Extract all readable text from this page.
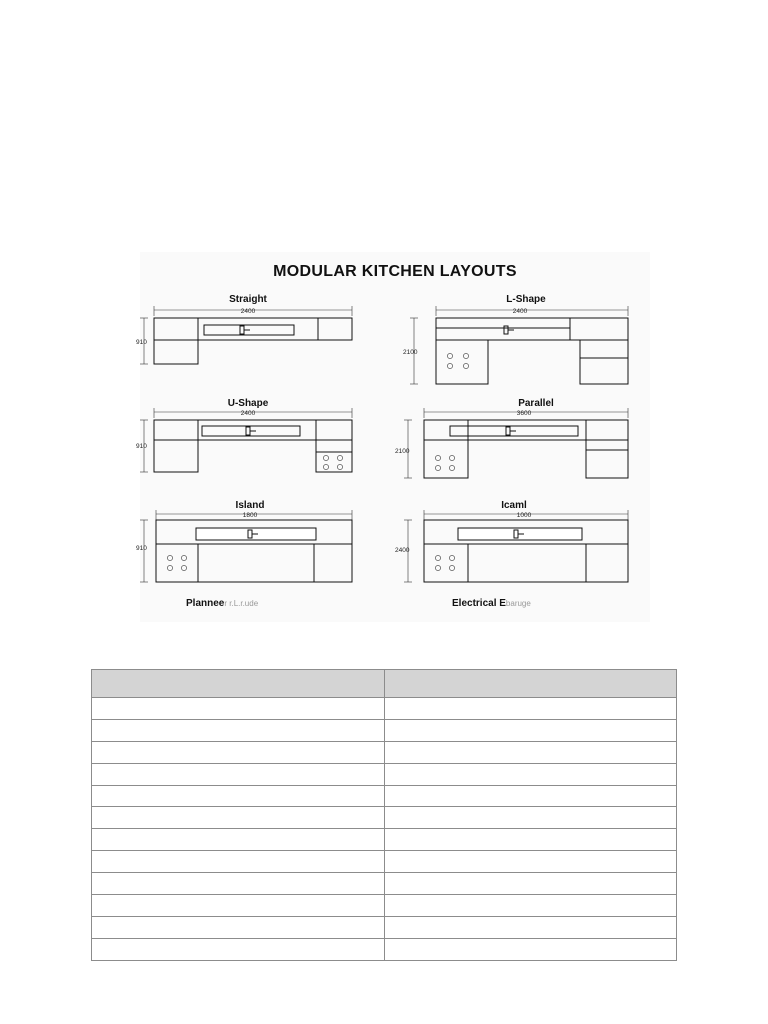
MODULAR KITCHEN LAYOUTS
Straight
2400
910
L-Shape
2400
2100
U-Shape
2400
910
Parallel
3600
2100
Island
1800
910
Icaml
1000
2400
Planneer r.L.r.ude	Electrical Ebaruge
